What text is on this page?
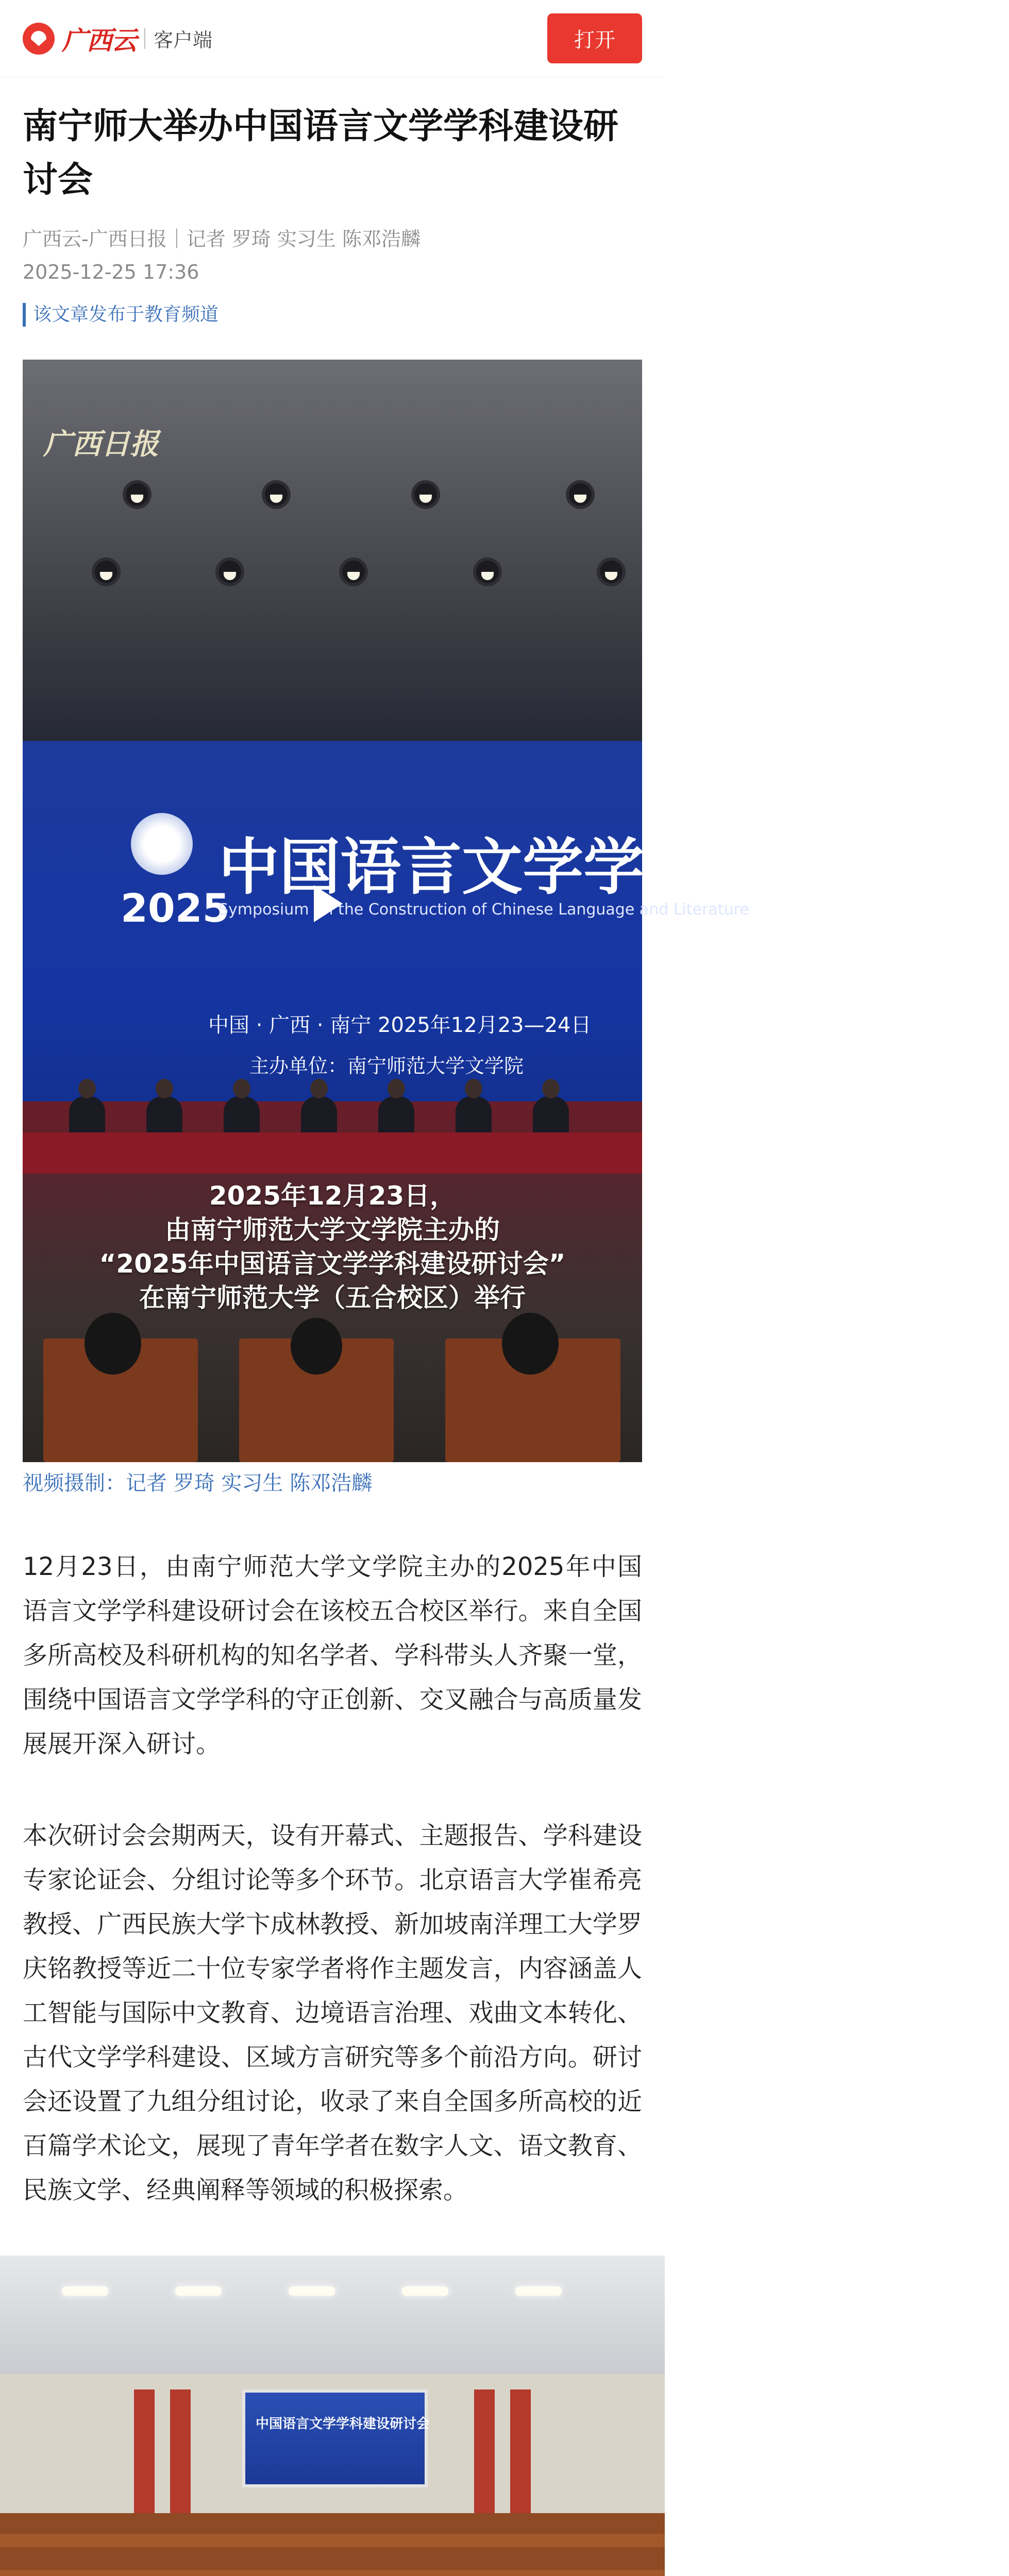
广西云 客户端	打开
南宁师大举办中国语言文学学科建设研讨会
广西云-广西日报｜记者 罗琦 实习生 陈邓浩麟
2025-12-25 17:36
该文章发布于教育频道
广西日报
2025
中国语言文学学科建设研讨会
Symposium on the Construction of Chinese Language and Literature
中国 · 广西 · 南宁 2025年12月23—24日
主办单位：南宁师范大学文学院
2025年12月23日，
由南宁师范大学文学院主办的
“2025年中国语言文学学科建设研讨会”
在南宁师范大学（五合校区）举行
视频摄制：记者 罗琦 实习生 陈邓浩麟

12月23日，由南宁师范大学文学院主办的2025年中国语言文学学科建设研讨会在该校五合校区举行。来自全国多所高校及科研机构的知名学者、学科带头人齐聚一堂，围绕中国语言文学学科的守正创新、交叉融合与高质量发展展开深入研讨。

本次研讨会会期两天，设有开幕式、主题报告、学科建设专家论证会、分组讨论等多个环节。北京语言大学崔希亮教授、广西民族大学卞成林教授、新加坡南洋理工大学罗庆铭教授等近二十位专家学者将作主题发言，内容涵盖人工智能与国际中文教育、边境语言治理、戏曲文本转化、古代文学学科建设、区域方言研究等多个前沿方向。研讨会还设置了九组分组讨论，收录了来自全国多所高校的近百篇学术论文，展现了青年学者在数字人文、语文教育、民族文学、经典阐释等领域的积极探索。

中国语言文学学科建设研讨会
